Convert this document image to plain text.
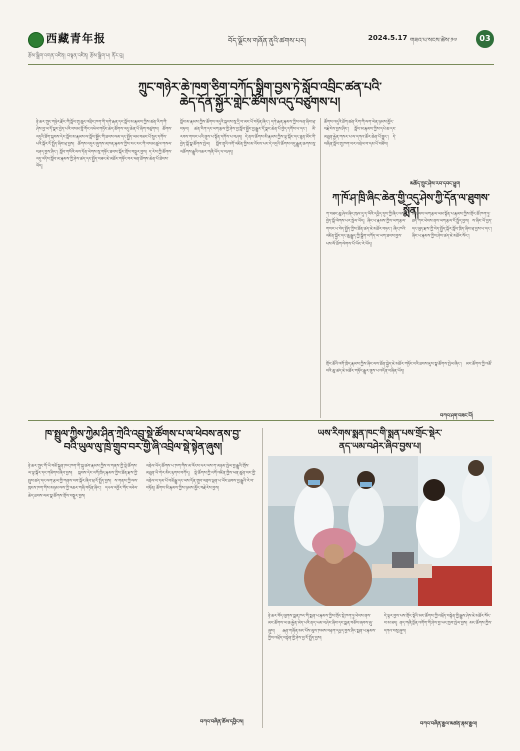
西藏青年报
རྩོམ་སྒྲིག་འགན་འཛིན། བསྟན་འཛིན། རྩོམ་སྒྲིག་པ། ནོར་བུ།
བོད་ལྗོངས་གཞོན་ནུའི་ཚགས་པར།	2024.5.17 གཟའ་པ་སངས་ཚེས་༡༧	03
ཀྲུང་གཉེར་ཆེ་ཁག་ཅིག་བཀོད་སྒྲིག་བྱས་ཏེ་སློབ་འབྲིང་ཚན་པའི་
ཆེད་དོན་སྐྱོར་གླེང་ཚོགས་འདུ་བཙུགས་པ།
ཉེ་ཆར་ཀྲུང་གཉེར་རྫོང་གི་སློབ་གྲྭ་ཆུང་འབྲིང་ཁག་གི་དགེ་རྒན་དང་སློབ་མ་རྣམས་ཀྱིས་ཚན་རིག་གི་ཤེས་བྱ་ལ་དོ་སྣང་བྱེད་པའི་བསམ་བློ་གོང་འཕེལ་གཏོང་ཆེད་ཚོགས་འདུ་ཆེན་པོ་ཞིག་བཙུགས། ཚོགས་འདུའི་ཐོག་སྐབས་དེར་སློབ་མ་རྣམས་ལ་སློབ་སྦྱོང་གི་ཐབས་ལམ་དང་སྤྱོད་ལམ་བཟང་པོ་སྲུང་དགོས་པའི་སྐོར་ངོ་སྤྲོད་ཞིབ་ཕྲ་བྱས། ཚོགས་འདུར་ཞུགས་མཁན་རྣམས་ཀྱིས་རང་རང་གི་བསམ་ཚུལ་གསལ་བཤད་བྱས་ཤིང་། སློབ་གསོའི་ལས་དོན་ལེགས་སུ་གཏོང་ཐབས་སྐོར་གྲོས་བསྡུར་བྱས། ད་རེས་ཀྱི་ཚོགས་འདུ་འདིས་སློབ་མ་རྣམས་ཀྱི་ཤེས་ཚད་དང་སྤྱོད་བཟང་ཇེ་མཐོར་གཏོང་བར་ཕན་ཐོགས་ཆེན་པོ་ཐེབས་ཡོད།
སློབ་མ་རྣམས་ཀྱིས་ཚོགས་འདུའི་སྐབས་སུ་དྲི་བ་མང་པོ་བཏོན་ཞིང་། དགེ་རྒན་རྣམས་ཀྱིས་ལན་ཞིབ་ཕྲ་བཏབ། ཚན་རིག་དང་ལག་རྩལ་གྱི་ཤེས་བྱ་སློབ་སྦྱོང་བྱ་རྒྱུར་དོ་སྣང་ཆེན་པོ་བྱེད་དགོས་པ་དང་། མི་རབས་གསར་པའི་ནུས་པ་སྟོན་དགོས་པ་བཤད། དེ་ནས་ཚོགས་མི་རྣམས་ཀྱིས་ལྟ་སྐོར་དང་ཐུན་མོང་གི་བྱེད་སྒོ་སྣ་ཚོགས་སྤེལ། སློབ་གྲྭའི་འགོ་འཛིན་གྱིས་མ་འོངས་པར་དེ་འདྲའི་ཚོགས་འདུ་རྒྱུན་ཆགས་སུ་འཚོགས་རྒྱུའི་འཆར་གཞི་ཡོད་པ་བཤད།
ཚོགས་འདུའི་ཐོག་ཚན་རིག་གི་ལག་ལེན་ཉམས་མྱོང་བརྗེ་རེས་བྱས་ཤིང་། སློབ་མ་རྣམས་ཀྱིས་དཔེ་ཆ་དང་མཐུན་རྐྱེན་གསར་པ་ལ་དགའ་ཚོར་ཆེན་པོ་བྱུང་། དེ་བཞིན་སློབ་གྲྭ་ཁག་བར་འབྲེལ་བ་དམ་པོ་བཟོས།
མཆོད་ཀྲུང་ཤེས་རབ་དབང་ཕྱུག
ཀ་ཁོ་ཤ་ཁྲི་ཞིང་ཆེན་གྱི་འདུ་ཤེས་ཀྱི་དོན་ལ་ཐུགས་སྨོན།
ཀ་བཟང་ཆུ་ཤེལ་ཞིང་ཁུལ་དུ་ད་ལོའི་དཔྱིད་དུས་ཀྱི་ཞིང་ལས་བྱེད་སྒོ་ལེགས་པར་སྤེལ་ཡོད། ཞིང་པ་རྣམས་ཀྱིས་ལག་རྩལ་གསར་པ་བེད་སྤྱོད་ཀྱིས་ཐོན་ཚད་ཇེ་མཐོར་བཏང་། ཞིང་ཁའི་འཛིན་སྐྱོང་དང་ཆུ་རྒྱུད་ཀྱི་སྒྲིག་བཀོད་ལ་ཡག་ཐབས་བྱས་པས་ལོ་ཐོག་ལེགས་པོ་ཡོང་རེ་ཡོད།
ཞིང་ལས་ལག་རྩལ་ལམ་སྟོན་པ་རྣམས་ཀྱིས་གྲོང་ཚོ་ཁག་ཏུ་ཐད་ཀར་ཕེབས་ནས་ལག་རྩལ་ངོ་སྤྲོད་བྱས། ས་ཞིང་ཡོ་བྱད་དང་ལུད་རྫས་ཀྱི་བེད་སྤྱོད་སྐོར་སློབ་ཁྲིད་ཞིབ་ཕྲ་བྱས་པ་དང་། ཞིང་པ་རྣམས་ཀྱིས་ཤེས་ཚད་ཇེ་མཐོར་སོང་།
གྲོང་ཚོའི་འགོ་ཁྲིད་རྣམས་ཀྱིས་ཞིང་ལས་ཐོན་སྐྱེད་ཇེ་མཐོར་གཏོང་བའི་ཐབས་ཇུས་སྣ་ཚོགས་སྤེལ་ཞིང་། མང་ཚོགས་ཀྱི་འཚོ་བའི་ཆུ་ཚད་ཇེ་མཐོར་གཏོང་རྒྱུར་ནུས་པ་འདོན་བཞིན་ཡོད།
བཀའ་ཤག་བཟང་པོ།
ཁ་སྤྲུལ་ཀྱིས་ཀྱེམ་ཤིན་ཀྲེའི་འབྲུ་སྡེ་ཚོགས་པ་ལ་ཕེབས་ནས་བྱ་
བའི་ཡུལ་ལུ་ཁྲེ་གྲུབ་བར་གྱི་ཞི་འབྲེལ་སྡེ་སྟེན་ཞུས།
ཉེ་ཆར་ཀྲུང་གོ་ཡི་བཟོ་སྐྲུན་ཁང་ཁག་གི་སྐུ་ཚབ་རྣམས་ཀྱིས་ས་གནས་ཀྱི་སྡེ་ཚོགས་ལ་ལྟ་སྐོར་དང་གཟིགས་ཞིབ་བྱས། སྐབས་དེར་འགོ་ཁྲིད་རྣམས་ཀྱིས་ཐོན་རྫས་ཀྱི་སྤུས་ཚད་དང་ལག་རྩལ་གྱི་གནས་བབ་སྐོར་ཞིབ་ཕྲ་ངོ་སྤྲོད་བྱས། ས་གནས་ཀྱི་ལས་ཁུངས་ཁག་གིས་མཉམ་ལས་ཀྱི་འཆར་གཞི་བཏོན་ཞིང་། དཔལ་འབྱོར་གོང་འཕེལ་ཆེད་ཐབས་ལམ་སྣ་ཚོགས་གྲོས་བསྡུར་བྱས།
འབྲེལ་ཡོད་ཚོགས་པ་ཁག་གིས་མ་འོངས་པར་ལས་ཀ་མཉམ་སྤེལ་བྱ་རྒྱུའི་གྲོས་མཐུན་ཡི་གེར་མིང་རྟགས་བཀོད། སྡེ་ཚོགས་ཀྱི་འགོ་འཛིན་གྱིས་ཕན་ཚུན་བར་གྱི་འབྲེལ་བ་དམ་པོ་བཟོ་རྒྱུ་དང་ལས་དོན་གྲུབ་འབྲས་ལྡན་པ་ཡོང་ཐབས་བྱ་རྒྱུའི་རེ་བ་བཏོན། ཚོགས་མི་རྣམས་ཀྱིས་ཉམས་མྱོང་བརྗེ་རེས་བྱས།
བཀའ་བཞིན་ཆོས་དབྱིངས།
ཡས་རིགས་སྨན་ཁང་གི་སྨན་པས་གྲོང་སྡེར་
ནད་ཡམ་བཤེར་ཞིབ་བྱས་པ།
ཉེ་ཆར་བོད་ལུགས་སྨན་ཁང་གི་སྨན་པ་རྣམས་ཀྱིས་གྲོང་སྡེ་ཁག་ཏུ་ཕེབས་ནས་མང་ཚོགས་ལ་ཆ་རྐྱེན་མེད་པའི་ནད་ཡམ་བཤེར་ཞིབ་དང་སྨན་བཅོས་ཞབས་ཞུ་ཞུས། རྒན་གཞོན་མང་པོས་ལུས་ཁམས་བརྟག་དཔྱད་བྱས་ཤིང་སྨན་པ་རྣམས་ཀྱིས་འཕྲོད་བསྟེན་གྱི་ཤེས་བྱ་ངོ་སྤྲོད་བྱས།
དེ་ལྟར་བྱས་པས་གྲོང་སྡེའི་མང་ཚོགས་ཀྱི་འཕྲོད་བསྟེན་གྱི་རྒྱུས་ཤེས་ཇེ་མཐོར་སོང་བ་མ་ཟད། ནད་གཞི་སྔོན་འགོག་གི་ཤེས་བྱ་ཡང་ཁྱབ་སྤེལ་བྱས། མང་ཚོགས་ཀྱིས་དགའ་བསུ་ཞུས།
བཀའ་བཞིན་རྒྱལ་མཚན་རྣམ་རྒྱལ།
